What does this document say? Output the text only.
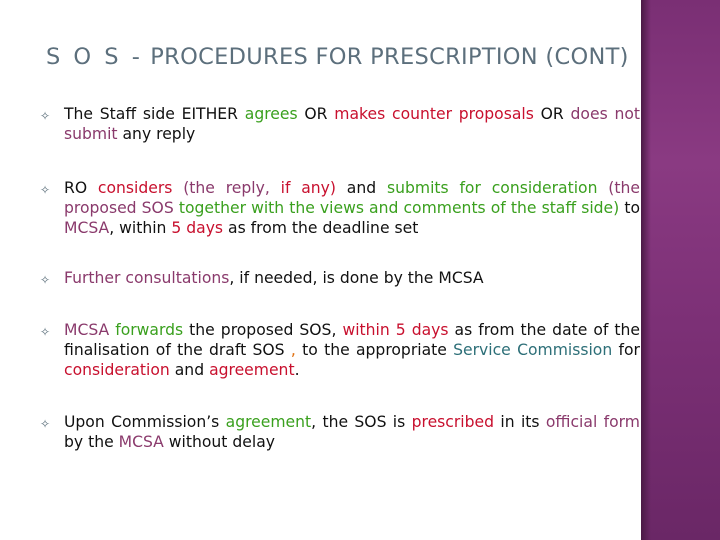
S O S - PROCEDURES FOR PRESCRIPTION (CONT)
✧ The Staff side EITHER agrees OR makes counter proposals OR does not submit any reply
✧ RO considers (the reply, if any) and submits for consideration (the proposed SOS together with the views and comments of the staff side) to MCSA, within 5 days as from the deadline set
✧ Further consultations, if needed, is done by the MCSA
✧ MCSA forwards the proposed SOS, within 5 days as from the date of the finalisation of the draft SOS , to the appropriate Service Commission for consideration and agreement.
✧ Upon Commission’s agreement, the SOS is prescribed in its official form by the MCSA without delay
